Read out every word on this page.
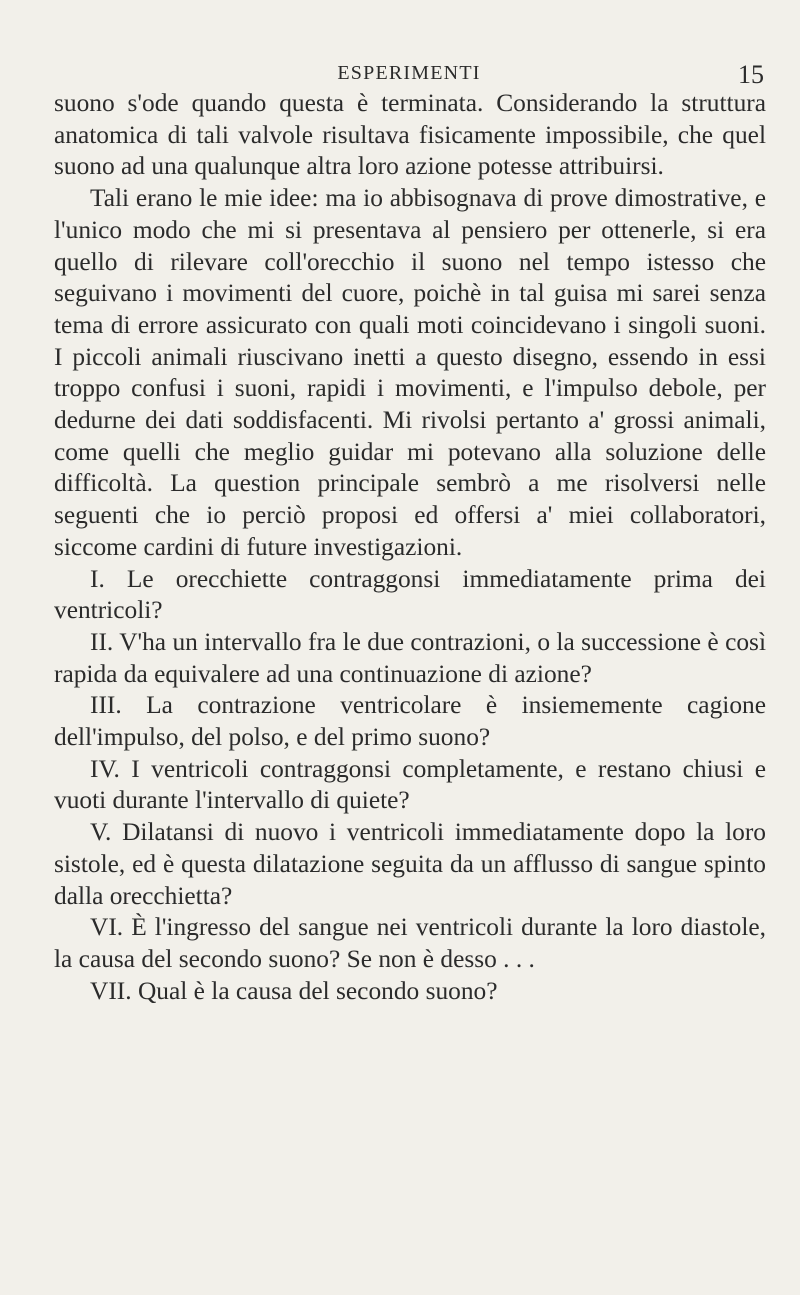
ESPERIMENTI	15

suono s'ode quando questa è terminata. Considerando la struttura anatomica di tali valvole risultava fisicamente impossibile, che quel suono ad una qualunque altra loro azione potesse attribuirsi.

Tali erano le mie idee: ma io abbisognava di prove dimostrative, e l'unico modo che mi si presentava al pensiero per ottenerle, si era quello di rilevare coll'orecchio il suono nel tempo istesso che seguivano i movimenti del cuore, poichè in tal guisa mi sarei senza tema di errore assicurato con quali moti coincidevano i singoli suoni. I piccoli animali riuscivano inetti a questo disegno, essendo in essi troppo confusi i suoni, rapidi i movimenti, e l'impulso debole, per dedurne dei dati soddisfacenti. Mi rivolsi pertanto a' grossi animali, come quelli che meglio guidar mi potevano alla soluzione delle difficoltà. La question principale sembrò a me risolversi nelle seguenti che io perciò proposi ed offersi a' miei collaboratori, siccome cardini di future investigazioni.

I. Le orecchiette contraggonsi immediatamente prima dei ventricoli?

II. V'ha un intervallo fra le due contrazioni, o la successione è così rapida da equivalere ad una continuazione di azione?

III. La contrazione ventricolare è insiememente cagione dell'impulso, del polso, e del primo suono?

IV. I ventricoli contraggonsi completamente, e restano chiusi e vuoti durante l'intervallo di quiete?

V. Dilatansi di nuovo i ventricoli immediatamente dopo la loro sistole, ed è questa dilatazione seguita da un afflusso di sangue spinto dalla orecchietta?

VI. È l'ingresso del sangue nei ventricoli durante la loro diastole, la causa del secondo suono? Se non è desso . . .

VII. Qual è la causa del secondo suono?
